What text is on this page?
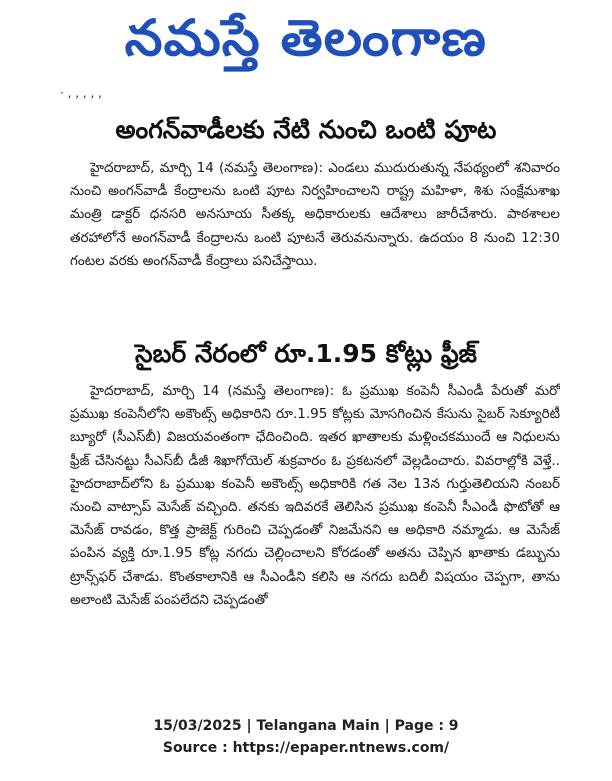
నమస్తే తెలంగాణ
· , , , , ,
అంగన్‌వాడీలకు నేటి నుంచి ఒంటి పూట

హైదరాబాద్, మార్చి 14 (నమస్తే తెలంగాణ): ఎండలు ముదురుతున్న నేపథ్యంలో శనివారం నుంచి అంగన్‌వాడీ కేంద్రాలను ఒంటి పూట నిర్వహించాలని రాష్ట్ర మహిళా, శిశు సంక్షేమశాఖ మంత్రి డాక్టర్ ధనసరి అనసూయ సీతక్క అధికారులకు ఆదేశాలు జారీచేశారు. పాఠశాలల తరహాలోనే అంగన్‌వాడీ కేంద్రాలను ఒంటి పూటనే తెరువనున్నారు. ఉదయం 8 నుంచి 12:30 గంటల వరకు అంగన్‌వాడీ కేంద్రాలు పనిచేస్తాయి.

సైబర్ నేరంలో రూ.1.95 కోట్లు ఫ్రీజ్

హైదరాబాద్, మార్చి 14 (నమస్తే తెలంగాణ): ఓ ప్రముఖ కంపెనీ సీఎండీ పేరుతో మరో ప్రముఖ కంపెనీలోని అకౌంట్స్ అధికారిని రూ.1.95 కోట్లకు మోసగించిన కేసును సైబర్ సెక్యూరిటీ బ్యూరో (సీఎస్‌బీ) విజయవంతంగా ఛేదించింది. ఇతర ఖాతాలకు మళ్లించకముందే ఆ నిధులను ఫ్రీజ్ చేసినట్టు సీఎస్‌బీ డీజీ శిఖాగోయెల్ శుక్రవారం ఓ ప్రకటనలో వెల్లడించారు. వివరాల్లోకి వెళ్తే.. హైదరాబాద్‌లోని ఓ ప్రముఖ కంపెనీ అకౌంట్స్ అధికారికి గత నెల 13న గుర్తుతెలియని నంబర్ నుంచి వాట్సాప్ మెసేజ్ వచ్చింది. తనకు ఇదివరకే తెలిసిన ప్రముఖ కంపెనీ సీఎండీ ఫొటోతో ఆ మెసేజ్ రావడం, కొత్త ప్రాజెక్ట్ గురించి చెప్పడంతో నిజమేనని ఆ అధికారి నమ్మాడు. ఆ మెసేజ్ పంపిన వ్యక్తి రూ.1.95 కోట్ల నగదు చెల్లించాలని కోరడంతో అతను చెప్పిన ఖాతాకు డబ్బును ట్రాన్స్‌ఫర్ చేశాడు. కొంతకాలానికి ఆ సీఎండీని కలిసి ఆ నగదు బదిలీ విషయం చెప్పగా, తాను అలాంటి మెసేజ్ పంపలేదని చెప్పడంతో

15/03/2025 | Telangana Main | Page : 9
Source : https://epaper.ntnews.com/
